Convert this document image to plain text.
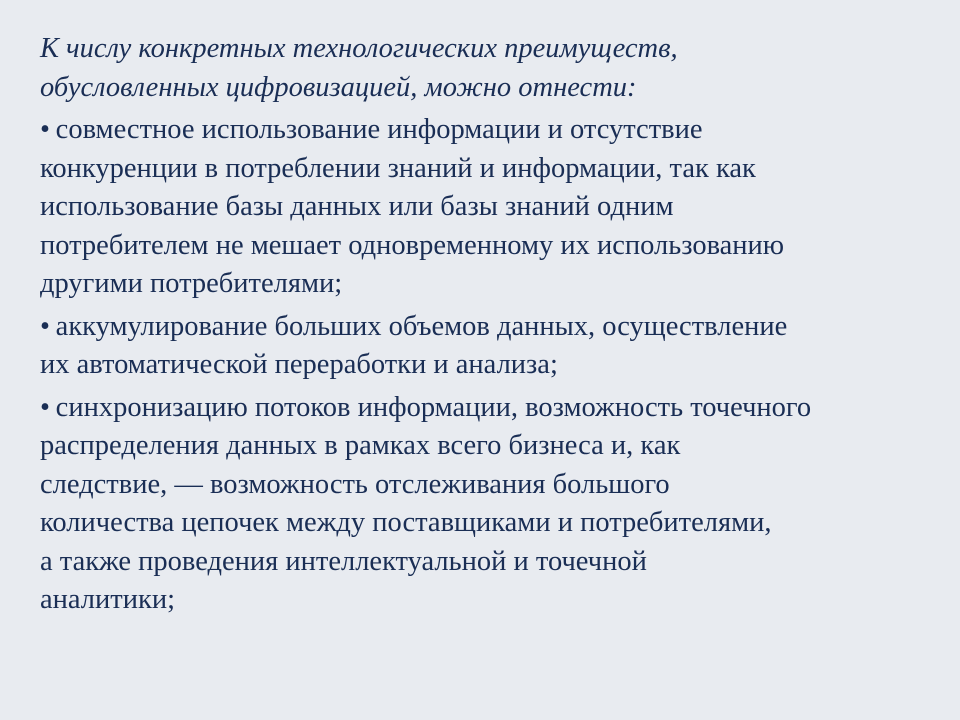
К числу конкретных технологических преимуществ,
обусловленных цифровизацией, можно отнести:

• совместное использование информации и отсутствие
конкуренции в потреблении знаний и информации, так как
использование базы данных или базы знаний одним
потребителем не мешает одновременному их использованию
другими потребителями;

• аккумулирование больших объемов данных, осуществление
их автоматической переработки и анализа;

• синхронизацию потоков информации, возможность точечного
распределения данных в рамках всего бизнеса и, как
следствие, — возможность отслеживания большого
количества цепочек между поставщиками и потребителями,
а также проведения интеллектуальной и точечной
аналитики;
